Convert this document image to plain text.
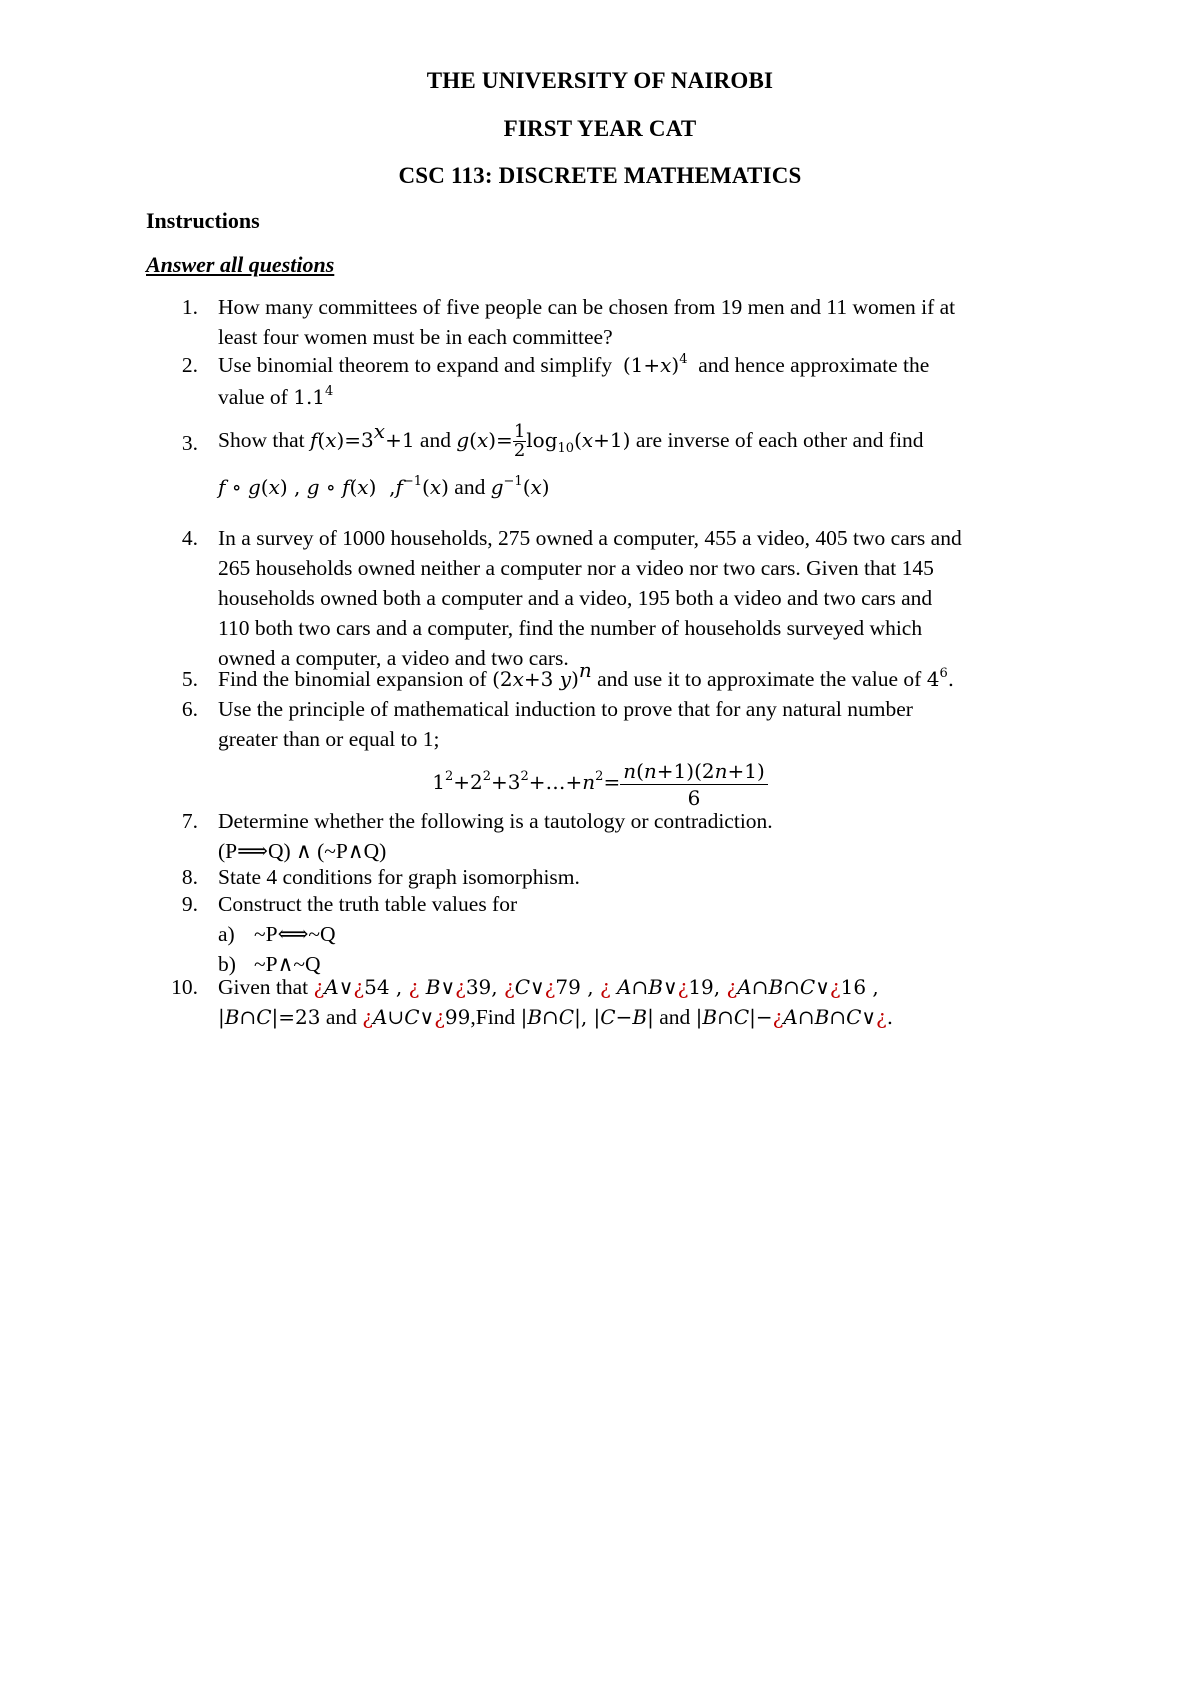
THE UNIVERSITY OF NAIROBI
FIRST YEAR CAT
CSC 113: DISCRETE MATHEMATICS
Instructions
Answer all questions
1. How many committees of five people can be chosen from 19 men and 11 women if at
least four women must be in each committee?
2. Use binomial theorem to expand and simplify $(1+x)^4$ and hence approximate the
value of $1.1^4$
3. Show that $f(x)=3^x+1$ and $g(x)= \frac{1}{2} \log_{10}(x+1)$ are inverse of each other and find
f ∘ g(x) , g ∘ f(x)  $,f^{-1}(x)$ and $g^{-1}(x)$
4. In a survey of 1000 households, 275 owned a computer, 455 a video, 405 two cars and
265 households owned neither a computer nor a video nor two cars. Given that 145
households owned both a computer and a video, 195 both a video and two cars and
110 both two cars and a computer, find the number of households surveyed which
owned a computer, a video and two cars.
5. Find the binomial expansion of (2x+3 y)$^n$ and use it to approximate the value of $4^6$.
6. Use the principle of mathematical induction to prove that for any natural number
greater than or equal to 1;
$1^2+2^2+3^2+\dots+n^2= \frac{n(n+1)(2n+1)}{6}$
7. Determine whether the following is a tautology or contradiction.
(P⟹Q) ∧ (~P∧Q)
8. State 4 conditions for graph isomorphism.
9. Construct the truth table values for
a) ~P⟺~Q
b) ~P∧~Q
10. Given that ¿A∨¿54 , ¿ B∨¿39, ¿C∨¿79 , ¿ A∩B∨¿19, ¿A∩B∩C∨¿16 ,
|B∩C|=23 and ¿A∪C∨¿99,Find |B∩C|, |C−B| and |B∩C|−¿A∩B∩C∨¿.
